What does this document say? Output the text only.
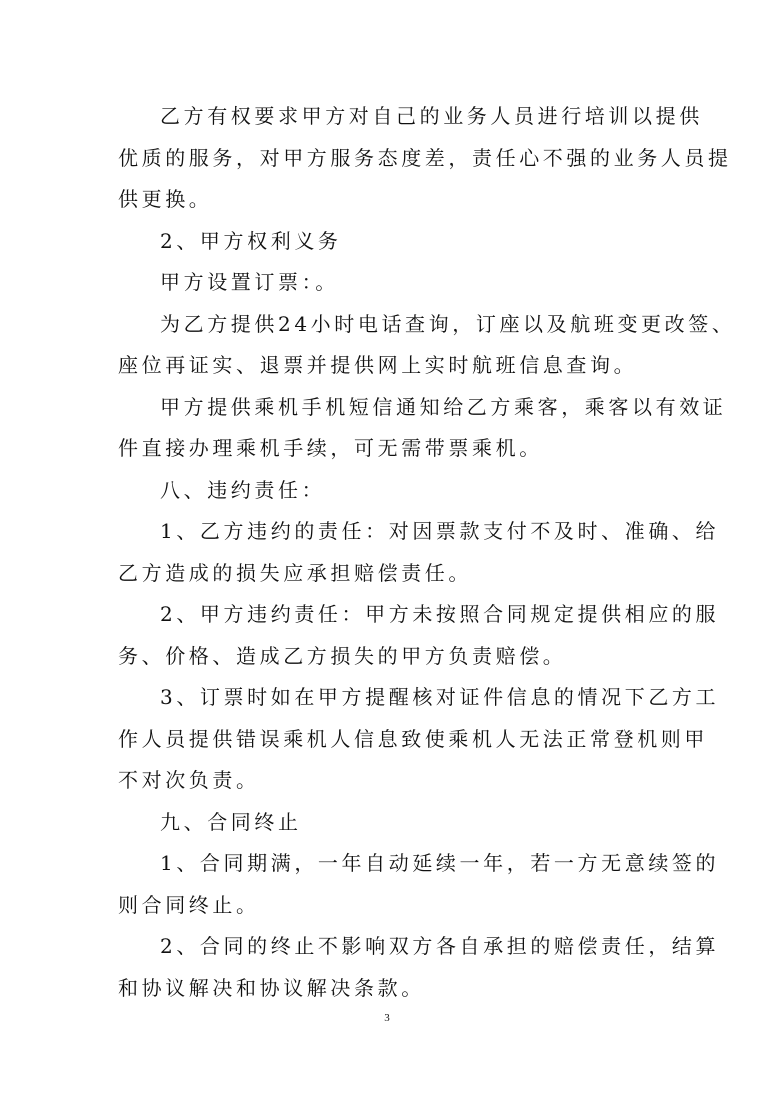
乙方有权要求甲方对自己的业务人员进行培训以提供
优质的服务，对甲方服务态度差，责任心不强的业务人员提
供更换。
2、甲方权利义务
甲方设置订票：。
为乙方提供24小时电话查询，订座以及航班变更改签、
座位再证实、退票并提供网上实时航班信息查询。
甲方提供乘机手机短信通知给乙方乘客，乘客以有效证
件直接办理乘机手续，可无需带票乘机。
八、违约责任：
1、乙方违约的责任：对因票款支付不及时、准确、给
乙方造成的损失应承担赔偿责任。
2、甲方违约责任：甲方未按照合同规定提供相应的服
务、价格、造成乙方损失的甲方负责赔偿。
3、订票时如在甲方提醒核对证件信息的情况下乙方工
作人员提供错误乘机人信息致使乘机人无法正常登机则甲
不对次负责。
九、合同终止
1、合同期满，一年自动延续一年，若一方无意续签的
则合同终止。
2、合同的终止不影响双方各自承担的赔偿责任，结算
和协议解决和协议解决条款。
3
